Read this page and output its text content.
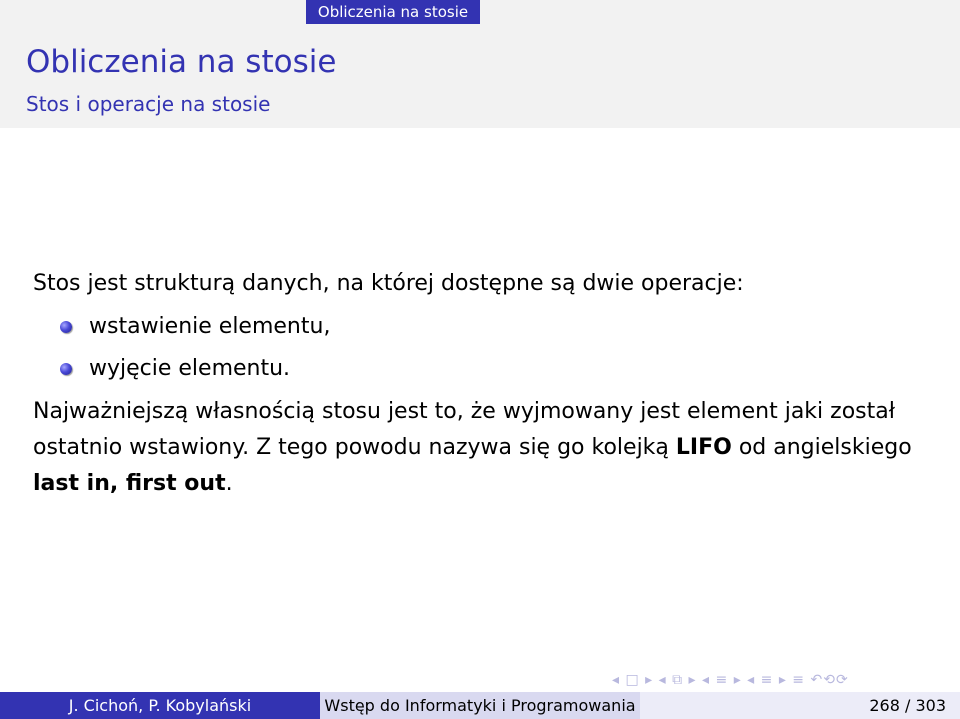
Obliczenia na stosie
Obliczenia na stosie
Stos i operacje na stosie
Stos jest strukturą danych, na której dostępne są dwie operacje:
wstawienie elementu,
wyjęcie elementu.
Najważniejszą własnością stosu jest to, że wyjmowany jest element jaki został ostatnio wstawiony. Z tego powodu nazywa się go kolejką LIFO od angielskiego last in, first out.
◂ □ ▸ ◂ ⧉ ▸ ◂ ≡ ▸ ◂ ≡ ▸ ≡ ↶⟲⟳
J. Cichoń, P. Kobylański	Wstęp do Informatyki i Programowania	268 / 303
